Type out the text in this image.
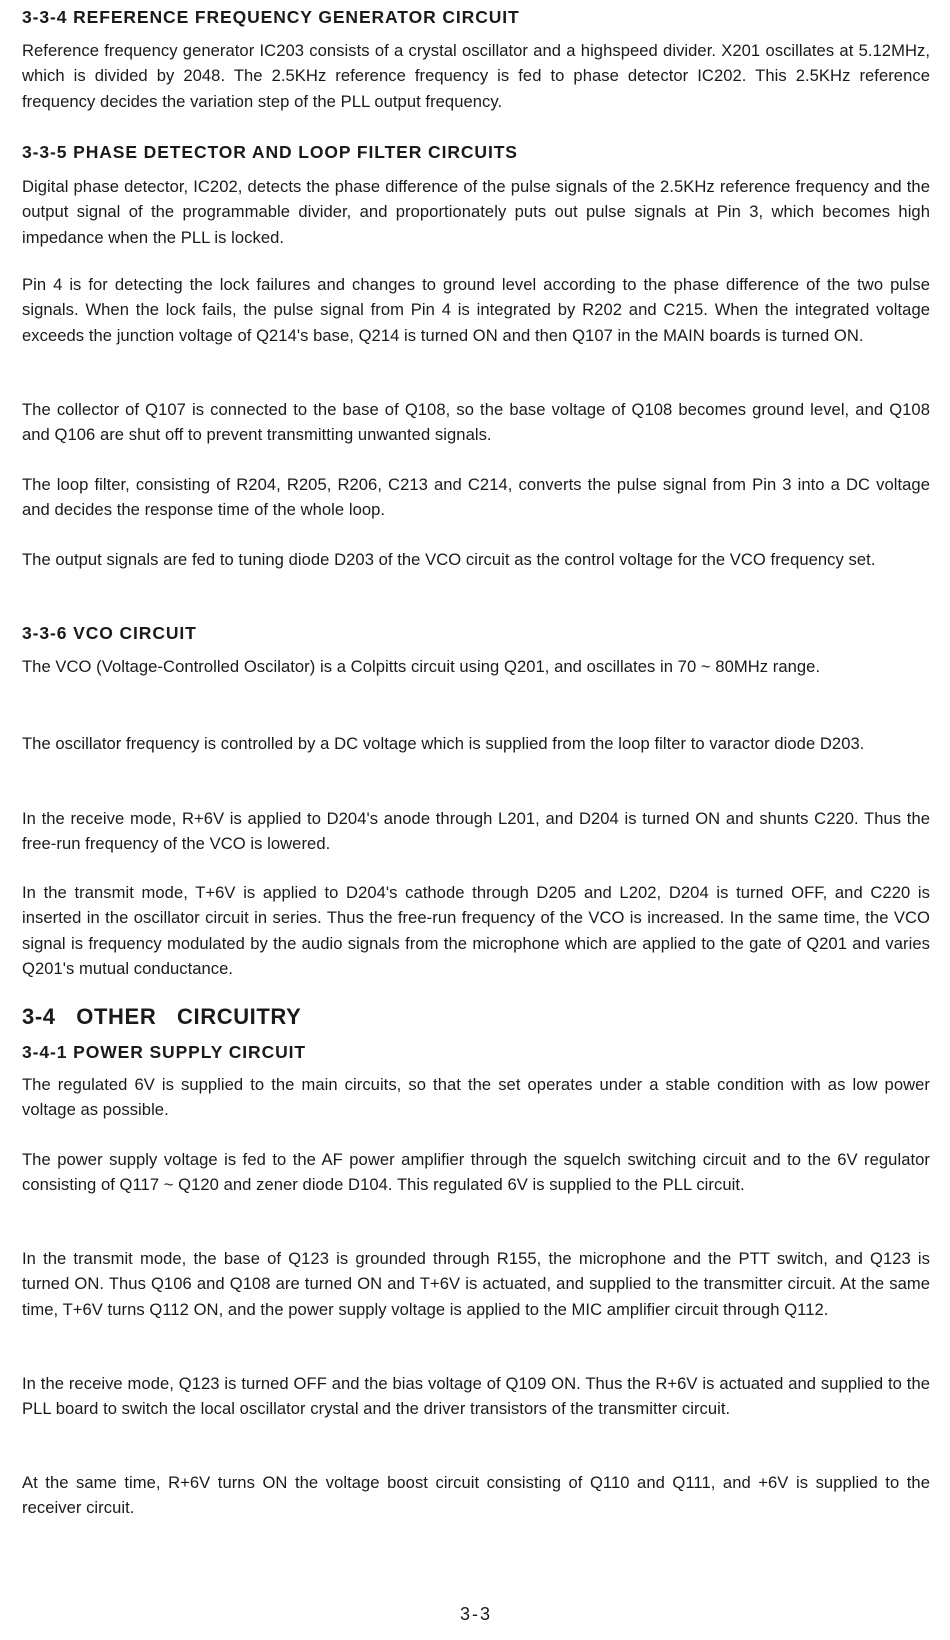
3-3-4 REFERENCE FREQUENCY GENERATOR CIRCUIT

Reference frequency generator IC203 consists of a crystal oscillator and a highspeed divider. X201 oscillates at 5.12MHz, which is divided by 2048. The 2.5KHz reference frequency is fed to phase detector IC202. This 2.5KHz reference frequency decides the variation step of the PLL output frequency.

3-3-5 PHASE DETECTOR AND LOOP FILTER CIRCUITS

Digital phase detector, IC202, detects the phase difference of the pulse signals of the 2.5KHz reference frequency and the output signal of the programmable divider, and proportionately puts out pulse signals at Pin 3, which becomes high impedance when the PLL is locked.

Pin 4 is for detecting the lock failures and changes to ground level according to the phase difference of the two pulse signals. When the lock fails, the pulse signal from Pin 4 is integrated by R202 and C215. When the integrated voltage exceeds the junction voltage of Q214's base, Q214 is turned ON and then Q107 in the MAIN boards is turned ON.

The collector of Q107 is connected to the base of Q108, so the base voltage of Q108 becomes ground level, and Q108 and Q106 are shut off to prevent transmitting unwanted signals.

The loop filter, consisting of R204, R205, R206, C213 and C214, converts the pulse signal from Pin 3 into a DC voltage and decides the response time of the whole loop.

The output signals are fed to tuning diode D203 of the VCO circuit as the control voltage for the VCO frequency set.

3-3-6 VCO CIRCUIT

The VCO (Voltage-Controlled Oscilator) is a Colpitts circuit using Q201, and oscillates in 70 ~ 80MHz range.

The oscillator frequency is controlled by a DC voltage which is supplied from the loop filter to varactor diode D203.

In the receive mode, R+6V is applied to D204's anode through L201, and D204 is turned ON and shunts C220. Thus the free-run frequency of the VCO is lowered.

In the transmit mode, T+6V is applied to D204's cathode through D205 and L202, D204 is turned OFF, and C220 is inserted in the oscillator circuit in series. Thus the free-run frequency of the VCO is increased. In the same time, the VCO signal is frequency modulated by the audio signals from the microphone which are applied to the gate of Q201 and varies Q201's mutual conductance.

3-4 OTHER CIRCUITRY
3-4-1 POWER SUPPLY CIRCUIT

The regulated 6V is supplied to the main circuits, so that the set operates under a stable condition with as low power voltage as possible.

The power supply voltage is fed to the AF power amplifier through the squelch switching circuit and to the 6V regulator consisting of Q117 ~ Q120 and zener diode D104. This regulated 6V is supplied to the PLL circuit.

In the transmit mode, the base of Q123 is grounded through R155, the microphone and the PTT switch, and Q123 is turned ON. Thus Q106 and Q108 are turned ON and T+6V is actuated, and supplied to the transmitter circuit. At the same time, T+6V turns Q112 ON, and the power supply voltage is applied to the MIC amplifier circuit through Q112.

In the receive mode, Q123 is turned OFF and the bias voltage of Q109 ON. Thus the R+6V is actuated and supplied to the PLL board to switch the local oscillator crystal and the driver transistors of the transmitter circuit.

At the same time, R+6V turns ON the voltage boost circuit consisting of Q110 and Q111, and +6V is supplied to the receiver circuit.

3-3
